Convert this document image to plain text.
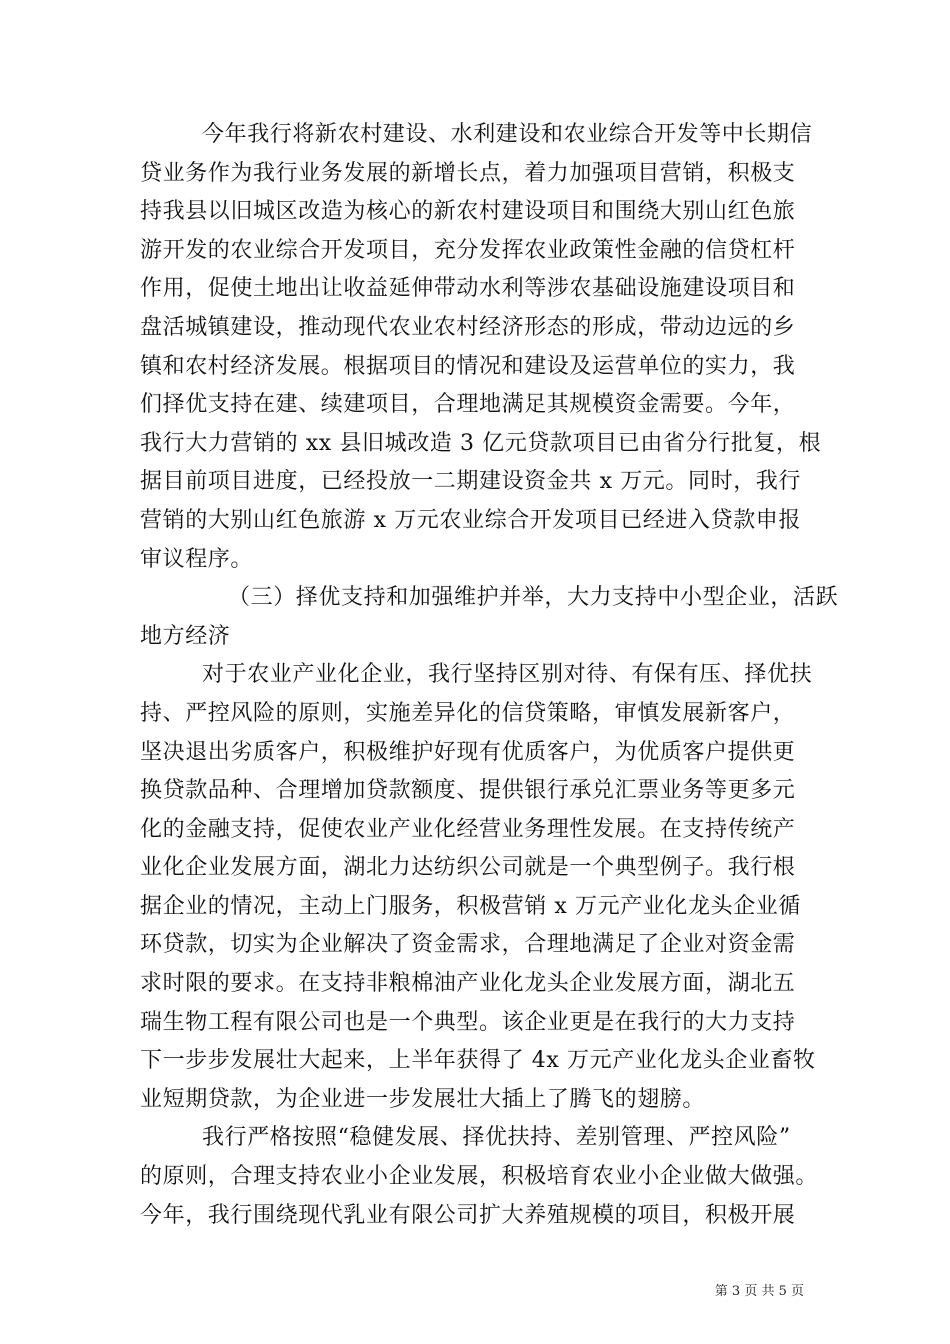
今年我行将新农村建设、水利建设和农业综合开发等中长期信
贷业务作为我行业务发展的新增长点，着力加强项目营销，积极支
持我县以旧城区改造为核心的新农村建设项目和围绕大别山红色旅
游开发的农业综合开发项目，充分发挥农业政策性金融的信贷杠杆
作用，促使土地出让收益延伸带动水利等涉农基础设施建设项目和
盘活城镇建设，推动现代农业农村经济形态的形成，带动边远的乡
镇和农村经济发展。根据项目的情况和建设及运营单位的实力，我
们择优支持在建、续建项目，合理地满足其规模资金需要。今年，
我行大力营销的 xx 县旧城改造 3 亿元贷款项目已由省分行批复，根
据目前项目进度，已经投放一二期建设资金共 x 万元。同时，我行
营销的大别山红色旅游 x 万元农业综合开发项目已经进入贷款申报
审议程序。
（三）择优支持和加强维护并举，大力支持中小型企业，活跃
地方经济
对于农业产业化企业，我行坚持区别对待、有保有压、择优扶
持、严控风险的原则，实施差异化的信贷策略，审慎发展新客户，
坚决退出劣质客户，积极维护好现有优质客户，为优质客户提供更
换贷款品种、合理增加贷款额度、提供银行承兑汇票业务等更多元
化的金融支持，促使农业产业化经营业务理性发展。在支持传统产
业化企业发展方面，湖北力达纺织公司就是一个典型例子。我行根
据企业的情况，主动上门服务，积极营销 x 万元产业化龙头企业循
环贷款，切实为企业解决了资金需求，合理地满足了企业对资金需
求时限的要求。在支持非粮棉油产业化龙头企业发展方面，湖北五
瑞生物工程有限公司也是一个典型。该企业更是在我行的大力支持
下一步步发展壮大起来，上半年获得了 4x 万元产业化龙头企业畜牧
业短期贷款，为企业进一步发展壮大插上了腾飞的翅膀。
我行严格按照“稳健发展、择优扶持、差别管理、严控风险”
的原则，合理支持农业小企业发展，积极培育农业小企业做大做强。
今年，我行围绕现代乳业有限公司扩大养殖规模的项目，积极开展
第 3 页 共 5 页
